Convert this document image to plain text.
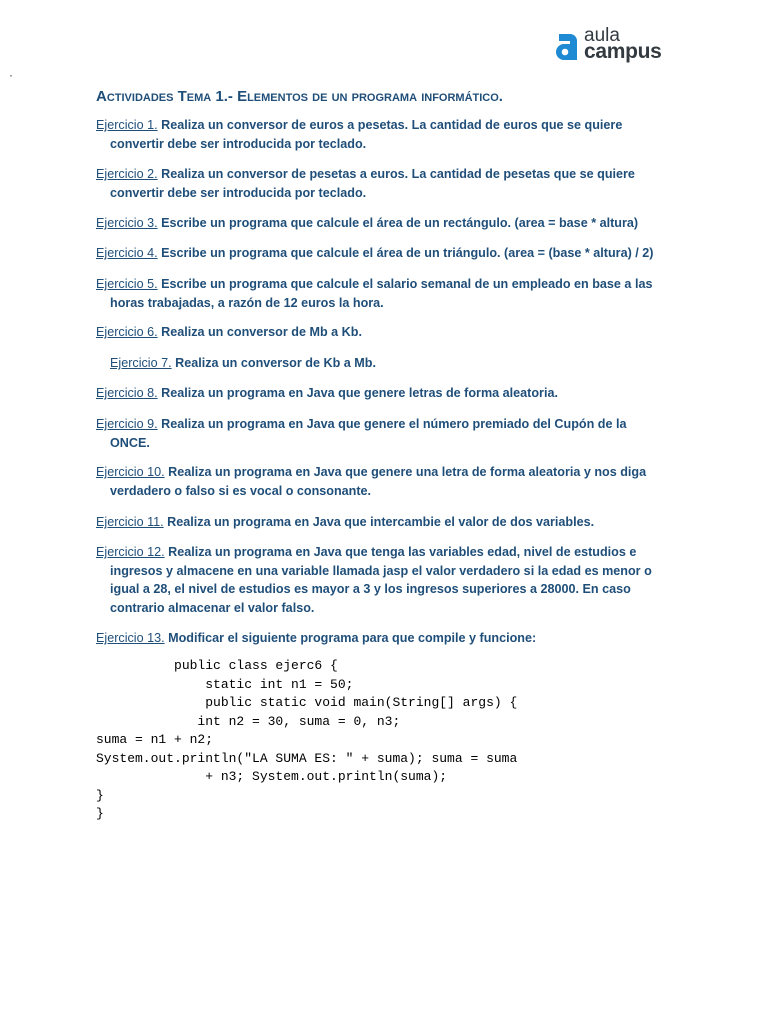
aula
campus
·
Actividades Tema 1.- Elementos de un programa informático.
Ejercicio 1. Realiza un conversor de euros a pesetas. La cantidad de euros que se quiere convertir debe ser introducida por teclado.
Ejercicio 2. Realiza un conversor de pesetas a euros. La cantidad de pesetas que se quiere convertir debe ser introducida por teclado.
Ejercicio 3. Escribe un programa que calcule el área de un rectángulo. (area = base * altura)
Ejercicio 4. Escribe un programa que calcule el área de un triángulo. (area = (base * altura) / 2)
Ejercicio 5. Escribe un programa que calcule el salario semanal de un empleado en base a las horas trabajadas, a razón de 12 euros la hora.
Ejercicio 6. Realiza un conversor de Mb a Kb.
Ejercicio 7. Realiza un conversor de Kb a Mb.
Ejercicio 8. Realiza un programa en Java que genere letras de forma aleatoria.
Ejercicio 9. Realiza un programa en Java que genere el número premiado del Cupón de la ONCE.
Ejercicio 10. Realiza un programa en Java que genere una letra de forma aleatoria y nos diga verdadero o falso si es vocal o consonante.
Ejercicio 11. Realiza un programa en Java que intercambie el valor de dos variables.
Ejercicio 12. Realiza un programa en Java que tenga las variables edad, nivel de estudios e ingresos y almacene en una variable llamada jasp el valor verdadero si la edad es menor o igual a 28, el nivel de estudios es mayor a 3 y los ingresos superiores a 28000. En caso contrario almacenar el valor falso.
Ejercicio 13. Modificar el siguiente programa para que compile y funcione:
public class ejerc6 {
static int n1 = 50;
public static void main(String[] args) {
int n2 = 30, suma = 0, n3;
suma = n1 + n2;
System.out.println("LA SUMA ES: " + suma); suma = suma
+ n3; System.out.println(suma);
}
}
